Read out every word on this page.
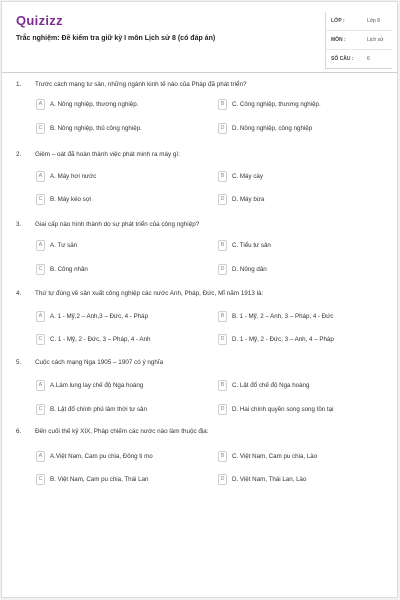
Quizizz
Trắc nghiệm: Đề kiểm tra giữ kỳ I môn Lịch sử 8 (có đáp án)
LỚP :	Lớp 8
MÔN :	Lịch sử
SỐ CÂU :	6
1. Trước cách mạng tư sản, những ngành kinh tế nào của Pháp đã phát triển?
A	A. Nông nghiệp, thương nghiệp.	B	C. Công nghiệp, thương nghiệp.
C	B. Nông nghiệp, thủ công nghiệp.	D	D. Nông nghiệp, công nghiệp
2. Giêm – oát đã hoàn thành việc phát minh ra máy gì:
A	A. Máy hơi nước	B	C. Máy cày
C	B. Máy kéo sợi	D	D. Máy bừa
3. Giai cấp nào hình thành do sự phát triển của công nghiệp?
A	A. Tư sản	B	C. Tiểu tư sản
C	B. Công nhân	D	D. Nông dân
4. Thứ tự đúng về sản xuất công nghiệp các nước Anh, Pháp, Đức, Mĩ năm 1913 là:
A	A. 1 - Mỹ,2 – Anh,3 – Đức, 4 - Pháp	B	B. 1 - Mỹ, 2 – Anh, 3 – Pháp, 4 - Đức
C	C. 1 - Mỹ, 2 - Đức, 3 – Pháp, 4 - Anh	D	D. 1 - Mỹ, 2 - Đức, 3 – Anh, 4 – Pháp
5. Cuộc cách mạng Nga 1905 – 1907 có ý nghĩa
A	A.Làm lung lay chế độ Nga hoàng	B	C. Lật đổ chế độ Nga hoàng
C	B. Lật đổ chính phủ lâm thời tư sản	D	D. Hai chính quyền song song tồn tại
6. Đến cuối thế kỷ XIX, Pháp chiếm các nước nào làm thuộc địa:
A	A.Việt Nam, Cam pu chia, Đông ti mo	B	C. Việt Nam, Cam pu chia, Lào
C	B. Việt Nam, Cam pu chia, Thái Lan	D	D. Việt Nam, Thái Lan, Lào
